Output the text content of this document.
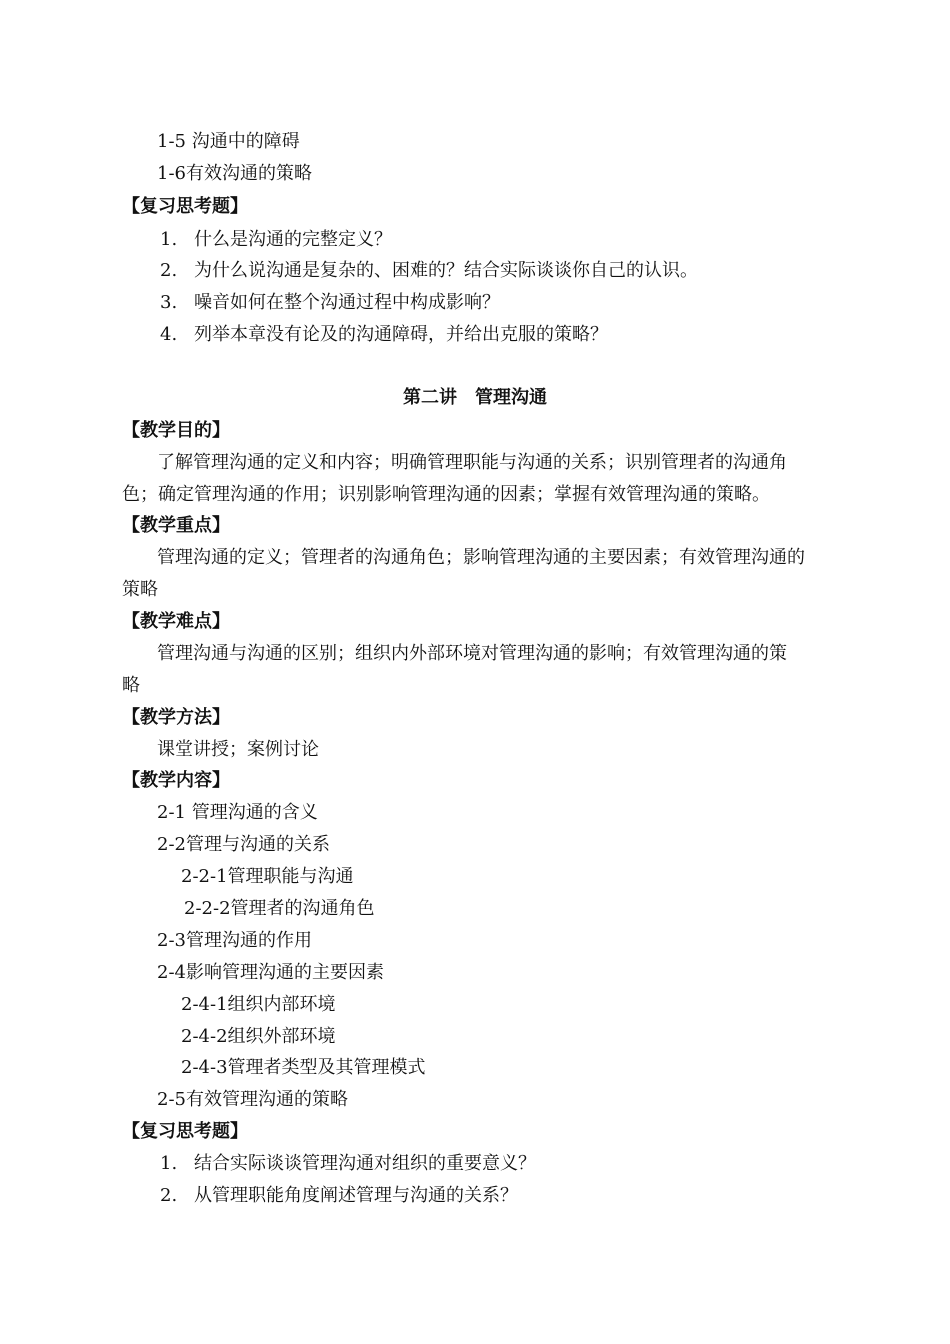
1-5 沟通中的障碍
1-6有效沟通的策略
【复习思考题】
1. 什么是沟通的完整定义？
2. 为什么说沟通是复杂的、困难的？结合实际谈谈你自己的认识。
3. 噪音如何在整个沟通过程中构成影响？
4. 列举本章没有论及的沟通障碍，并给出克服的策略？
第二讲　管理沟通
【教学目的】
了解管理沟通的定义和内容；明确管理职能与沟通的关系；识别管理者的沟通角
色；确定管理沟通的作用；识别影响管理沟通的因素；掌握有效管理沟通的策略。
【教学重点】
管理沟通的定义；管理者的沟通角色；影响管理沟通的主要因素；有效管理沟通的
策略
【教学难点】
管理沟通与沟通的区别；组织内外部环境对管理沟通的影响；有效管理沟通的策
略
【教学方法】
课堂讲授；案例讨论
【教学内容】
2-1 管理沟通的含义
2-2管理与沟通的关系
2-2-1管理职能与沟通
2-2-2管理者的沟通角色
2-3管理沟通的作用
2-4影响管理沟通的主要因素
2-4-1组织内部环境
2-4-2组织外部环境
2-4-3管理者类型及其管理模式
2-5有效管理沟通的策略
【复习思考题】
1. 结合实际谈谈管理沟通对组织的重要意义？
2. 从管理职能角度阐述管理与沟通的关系？
